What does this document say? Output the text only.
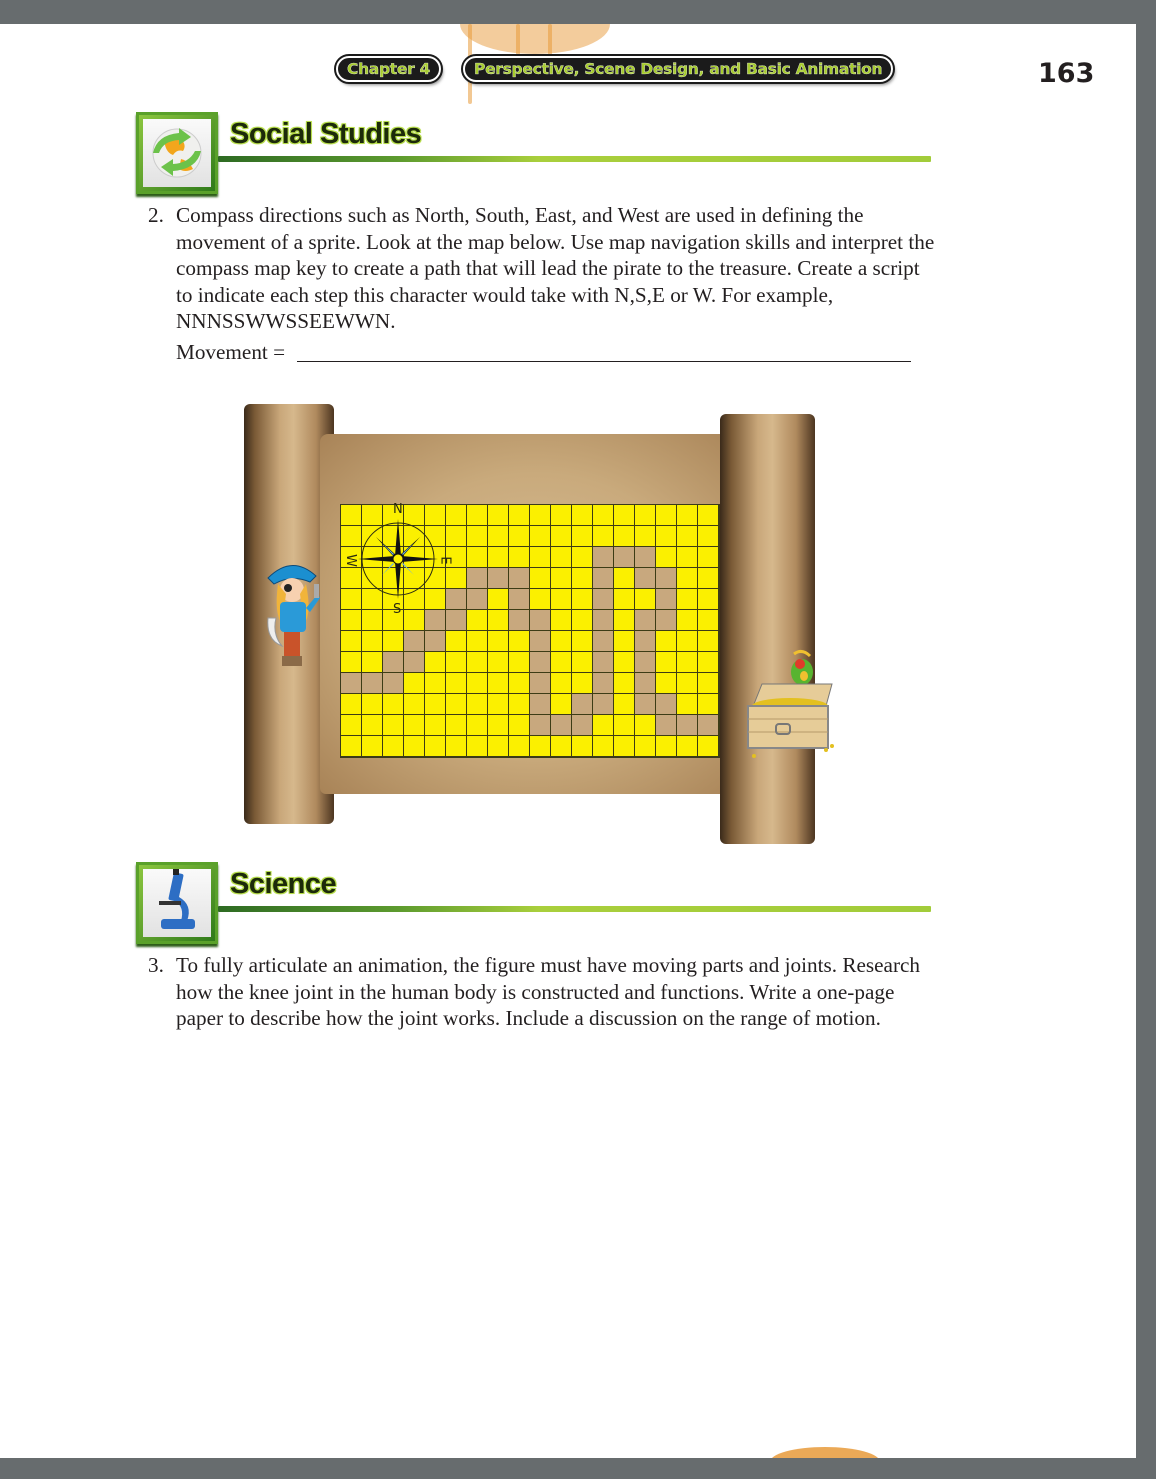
Chapter 4	Perspective, Scene Design, and Basic Animation	163
Social Studies
2. Compass directions such as North, South, East, and West are used in defining the movement of a sprite. Look at the map below. Use map navigation skills and interpret the compass map key to create a path that will lead the pirate to the treasure. Create a script to indicate each step this character would take with N,S,E or W. For example, NNNSSWWSSEEWWN.
Movement =
N
S
E
W
Science
3. To fully articulate an animation, the figure must have moving parts and joints. Research how the knee joint in the human body is constructed and functions. Write a one-page paper to describe how the joint works. Include a discussion on the range of motion.
